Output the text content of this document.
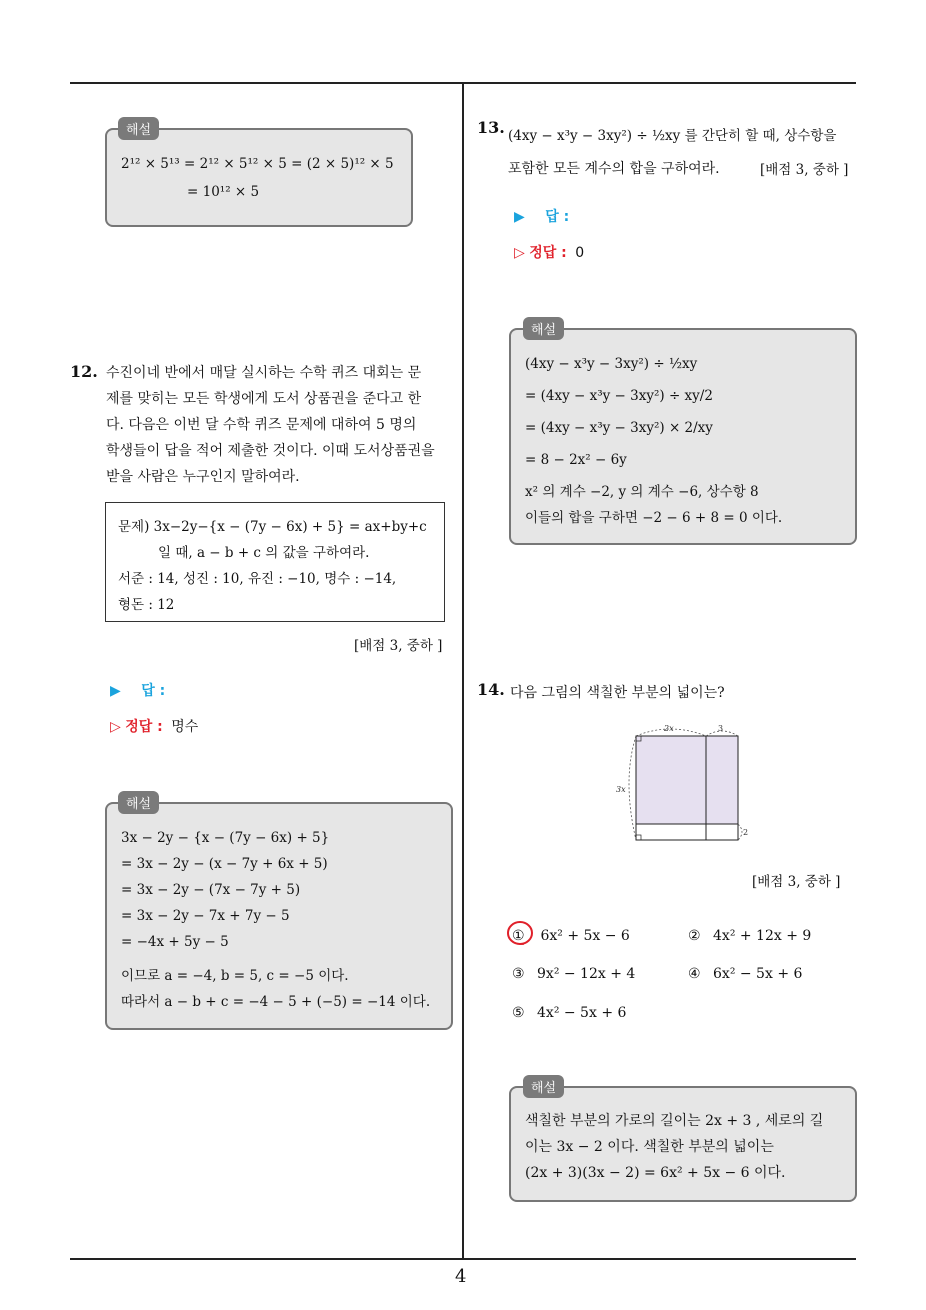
4
2¹² × 5¹³ = 2¹² × 5¹² × 5 = (2 × 5)¹² × 5
= 10¹² × 5
해설
12. 수진이네 반에서 매달 실시하는 수학 퀴즈 대회는 문
제를 맞히는 모든 학생에게 도서 상품권을 준다고 한
다. 다음은 이번 달 수학 퀴즈 문제에 대하여 5 명의
학생들이 답을 적어 제출한 것이다. 이때 도서상품권을
받을 사람은 누구인지 말하여라.
문제) 3x−2y−{x − (7y − 6x) + 5} = ax+by+c
일 때, a − b + c 의 값을 구하여라.
서준 : 14, 성진 : 10, 유진 : −10, 명수 : −14,
형돈 : 12
[배점 3, 중하 ]
▶ 답 :
▷ 정답 : 명수
3x − 2y − {x − (7y − 6x) + 5}
= 3x − 2y − (x − 7y + 6x + 5)
= 3x − 2y − (7x − 7y + 5)
= 3x − 2y − 7x + 7y − 5
= −4x + 5y − 5
이므로 a = −4, b = 5, c = −5 이다.
따라서 a − b + c = −4 − 5 + (−5) = −14 이다.
해설
13. (4xy − x³y − 3xy²) ÷ ½xy 를 간단히 할 때, 상수항을
포함한 모든 계수의 합을 구하여라.	[배점 3, 중하 ]
▶ 답 :
▷ 정답 : 0
(4xy − x³y − 3xy²) ÷ ½xy
= (4xy − x³y − 3xy²) ÷ xy/2
= (4xy − x³y − 3xy²) × 2/xy
= 8 − 2x² − 6y
x² 의 계수 −2, y 의 계수 −6, 상수항 8
이들의 합을 구하면 −2 − 6 + 8 = 0 이다.
해설
14. 다음 그림의 색칠한 부분의 넓이는?
2x	3
3x
2
[배점 3, 중하 ]
① 6x² + 5x − 6	② 4x² + 12x + 9
③ 9x² − 12x + 4	④ 6x² − 5x + 6
⑤ 4x² − 5x + 6
색칠한 부분의 가로의 길이는 2x + 3 , 세로의 길
이는 3x − 2 이다. 색칠한 부분의 넓이는
(2x + 3)(3x − 2) = 6x² + 5x − 6 이다.
해설
